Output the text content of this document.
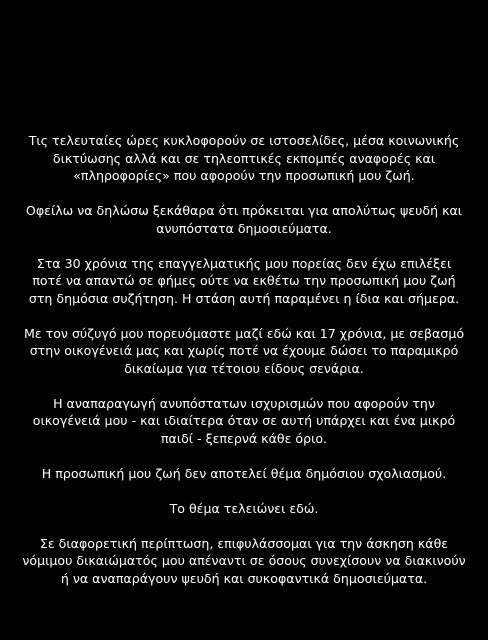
Τις τελευταίες ώρες κυκλοφορούν σε ιστοσελίδες, μέσα κοινωνικής δικτύωσης αλλά και σε τηλεοπτικές εκπομπές αναφορές και «πληροφορίες» που αφορούν την προσωπική μου ζωή.

Οφείλω να δηλώσω ξεκάθαρα ότι πρόκειται για απολύτως ψευδή και ανυπόστατα δημοσιεύματα.

Στα 30 χρόνια της επαγγελματικής μου πορείας δεν έχω επιλέξει ποτέ να απαντώ σε φήμες ούτε να εκθέτω την προσωπική μου ζωή στη δημόσια συζήτηση. Η στάση αυτή παραμένει η ίδια και σήμερα.

Με τον σύζυγό μου πορευόμαστε μαζί εδώ και 17 χρόνια, με σεβασμό στην οικογένειά μας και χωρίς ποτέ να έχουμε δώσει το παραμικρό δικαίωμα για τέτοιου είδους σενάρια.

Η αναπαραγωγή ανυπόστατων ισχυρισμών που αφορούν την οικογένειά μου - και ιδιαίτερα όταν σε αυτή υπάρχει και ένα μικρό παιδί - ξεπερνά κάθε όριο.

Η προσωπική μου ζωή δεν αποτελεί θέμα δημόσιου σχολιασμού.

Το θέμα τελειώνει εδώ.

Σε διαφορετική περίπτωση, επιφυλάσσομαι για την άσκηση κάθε νόμιμου δικαιώματός μου απέναντι σε όσους συνεχίσουν να διακινούν ή να αναπαράγουν ψευδή και συκοφαντικά δημοσιεύματα.
